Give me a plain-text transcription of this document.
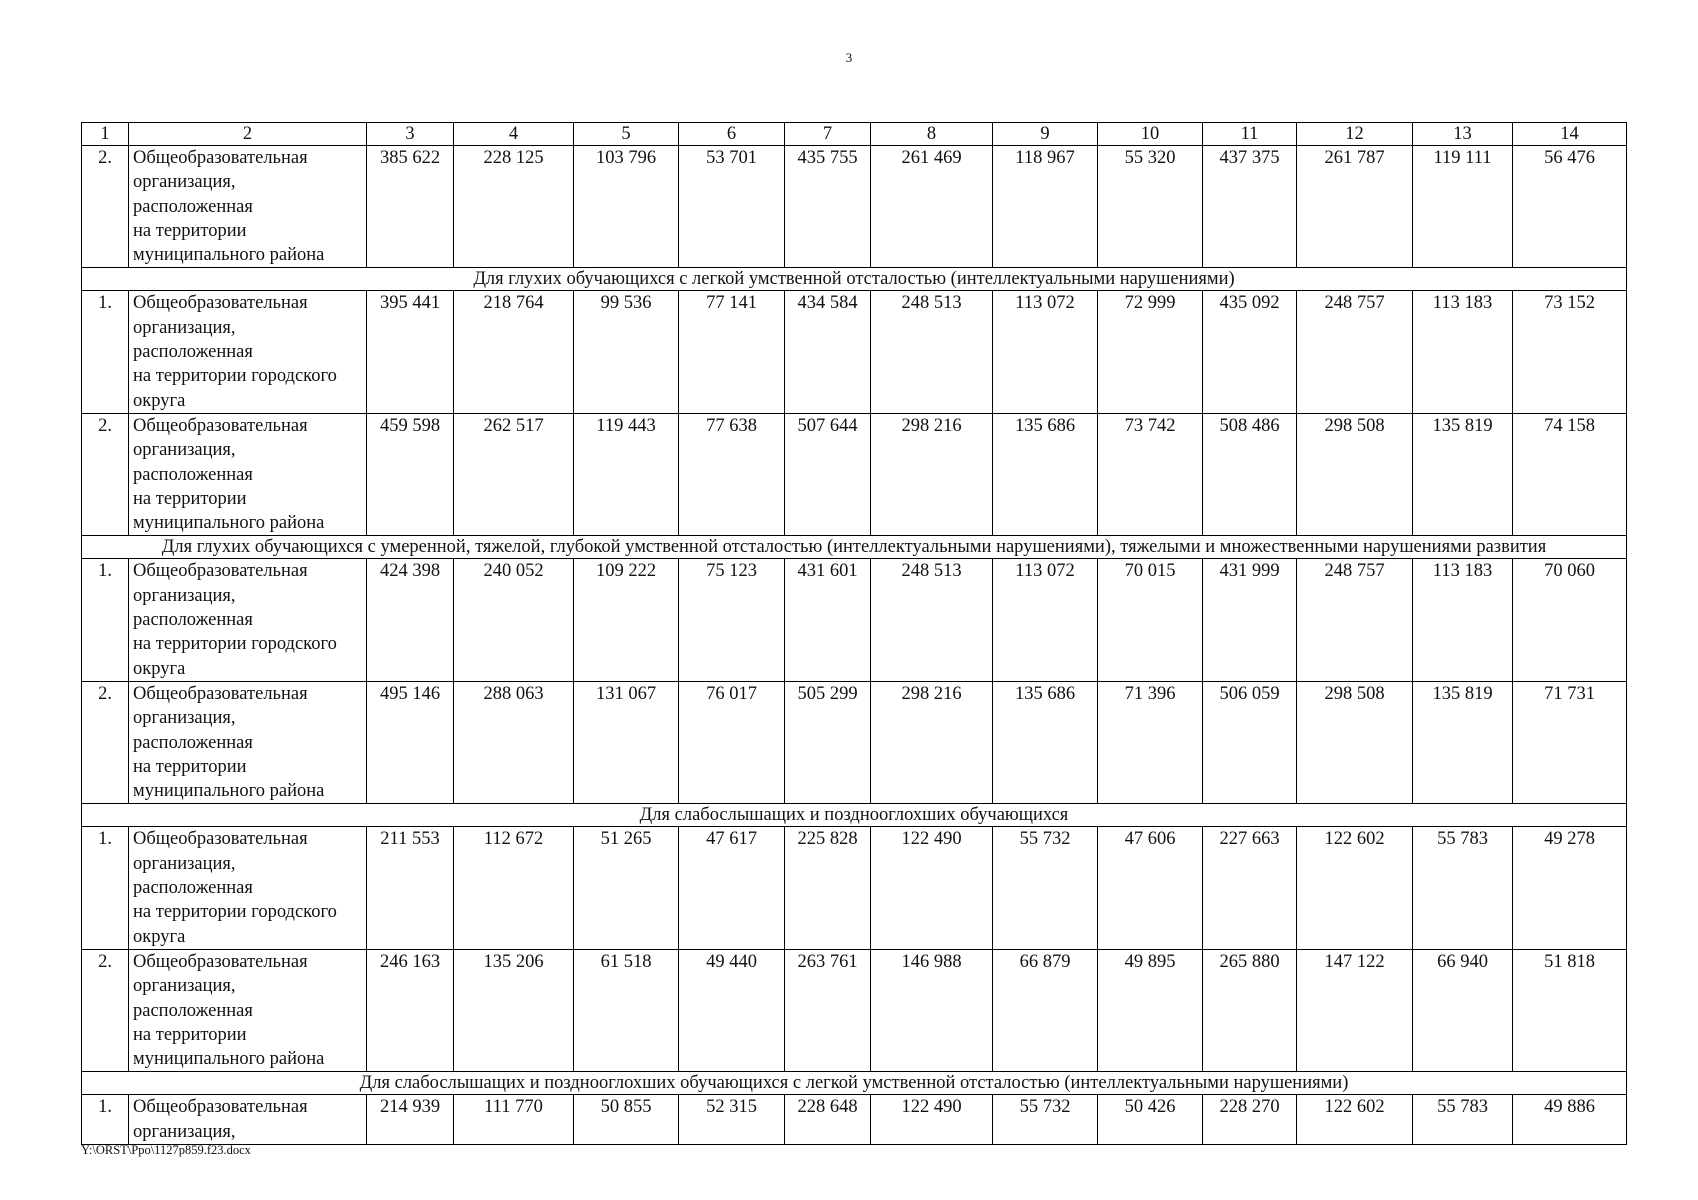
3
1	2	3	4	5	6	7	8	9	10	11	12	13	14
2.	Общеобразовательная
организация,
расположенная
на территории
муниципального района	385 622	228 125	103 796	53 701	435 755	261 469	118 967	55 320	437 375	261 787	119 111	56 476
Для глухих обучающихся с легкой умственной отсталостью (интеллектуальными нарушениями)													
1.	Общеобразовательная
организация,
расположенная
на территории городского
округа	395 441	218 764	99 536	77 141	434 584	248 513	113 072	72 999	435 092	248 757	113 183	73 152
2.	Общеобразовательная
организация,
расположенная
на территории
муниципального района	459 598	262 517	119 443	77 638	507 644	298 216	135 686	73 742	508 486	298 508	135 819	74 158
Для глухих обучающихся с умеренной, тяжелой, глубокой умственной отсталостью (интеллектуальными нарушениями), тяжелыми и множественными нарушениями развития													
1.	Общеобразовательная
организация,
расположенная
на территории городского
округа	424 398	240 052	109 222	75 123	431 601	248 513	113 072	70 015	431 999	248 757	113 183	70 060
2.	Общеобразовательная
организация,
расположенная
на территории
муниципального района	495 146	288 063	131 067	76 017	505 299	298 216	135 686	71 396	506 059	298 508	135 819	71 731
Для слабослышащих и позднооглохших обучающихся													
1.	Общеобразовательная
организация,
расположенная
на территории городского
округа	211 553	112 672	51 265	47 617	225 828	122 490	55 732	47 606	227 663	122 602	55 783	49 278
2.	Общеобразовательная
организация,
расположенная
на территории
муниципального района	246 163	135 206	61 518	49 440	263 761	146 988	66 879	49 895	265 880	147 122	66 940	51 818
Для слабослышащих и позднооглохших обучающихся с легкой умственной отсталостью (интеллектуальными нарушениями)													
1.	Общеобразовательная
организация,	214 939	111 770	50 855	52 315	228 648	122 490	55 732	50 426	228 270	122 602	55 783	49 886
Y:\ORST\Ppo\1127p859.f23.docx
